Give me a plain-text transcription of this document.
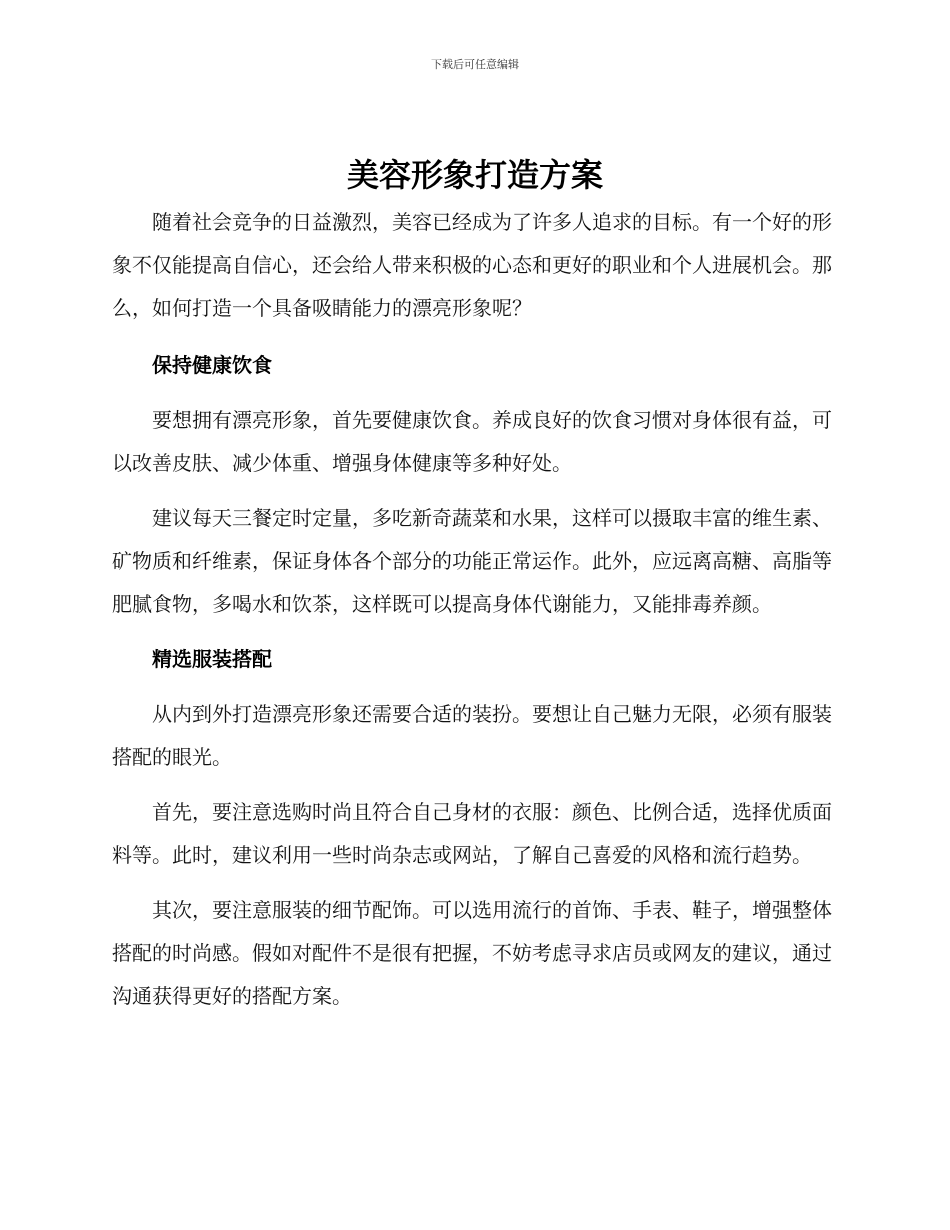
下载后可任意编辑
美容形象打造方案

随着社会竞争的日益激烈，美容已经成为了许多人追求的目标。有一个好的形象不仅能提高自信心，还会给人带来积极的心态和更好的职业和个人进展机会。那么，如何打造一个具备吸睛能力的漂亮形象呢？

保持健康饮食

要想拥有漂亮形象，首先要健康饮食。养成良好的饮食习惯对身体很有益，可以改善皮肤、减少体重、增强身体健康等多种好处。

建议每天三餐定时定量，多吃新奇蔬菜和水果，这样可以摄取丰富的维生素、矿物质和纤维素，保证身体各个部分的功能正常运作。此外，应远离高糖、高脂等肥腻食物，多喝水和饮茶，这样既可以提高身体代谢能力，又能排毒养颜。

精选服装搭配

从内到外打造漂亮形象还需要合适的装扮。要想让自己魅力无限，必须有服装搭配的眼光。

首先，要注意选购时尚且符合自己身材的衣服：颜色、比例合适，选择优质面料等。此时，建议利用一些时尚杂志或网站，了解自己喜爱的风格和流行趋势。

其次，要注意服装的细节配饰。可以选用流行的首饰、手表、鞋子，增强整体搭配的时尚感。假如对配件不是很有把握，不妨考虑寻求店员或网友的建议，通过沟通获得更好的搭配方案。
